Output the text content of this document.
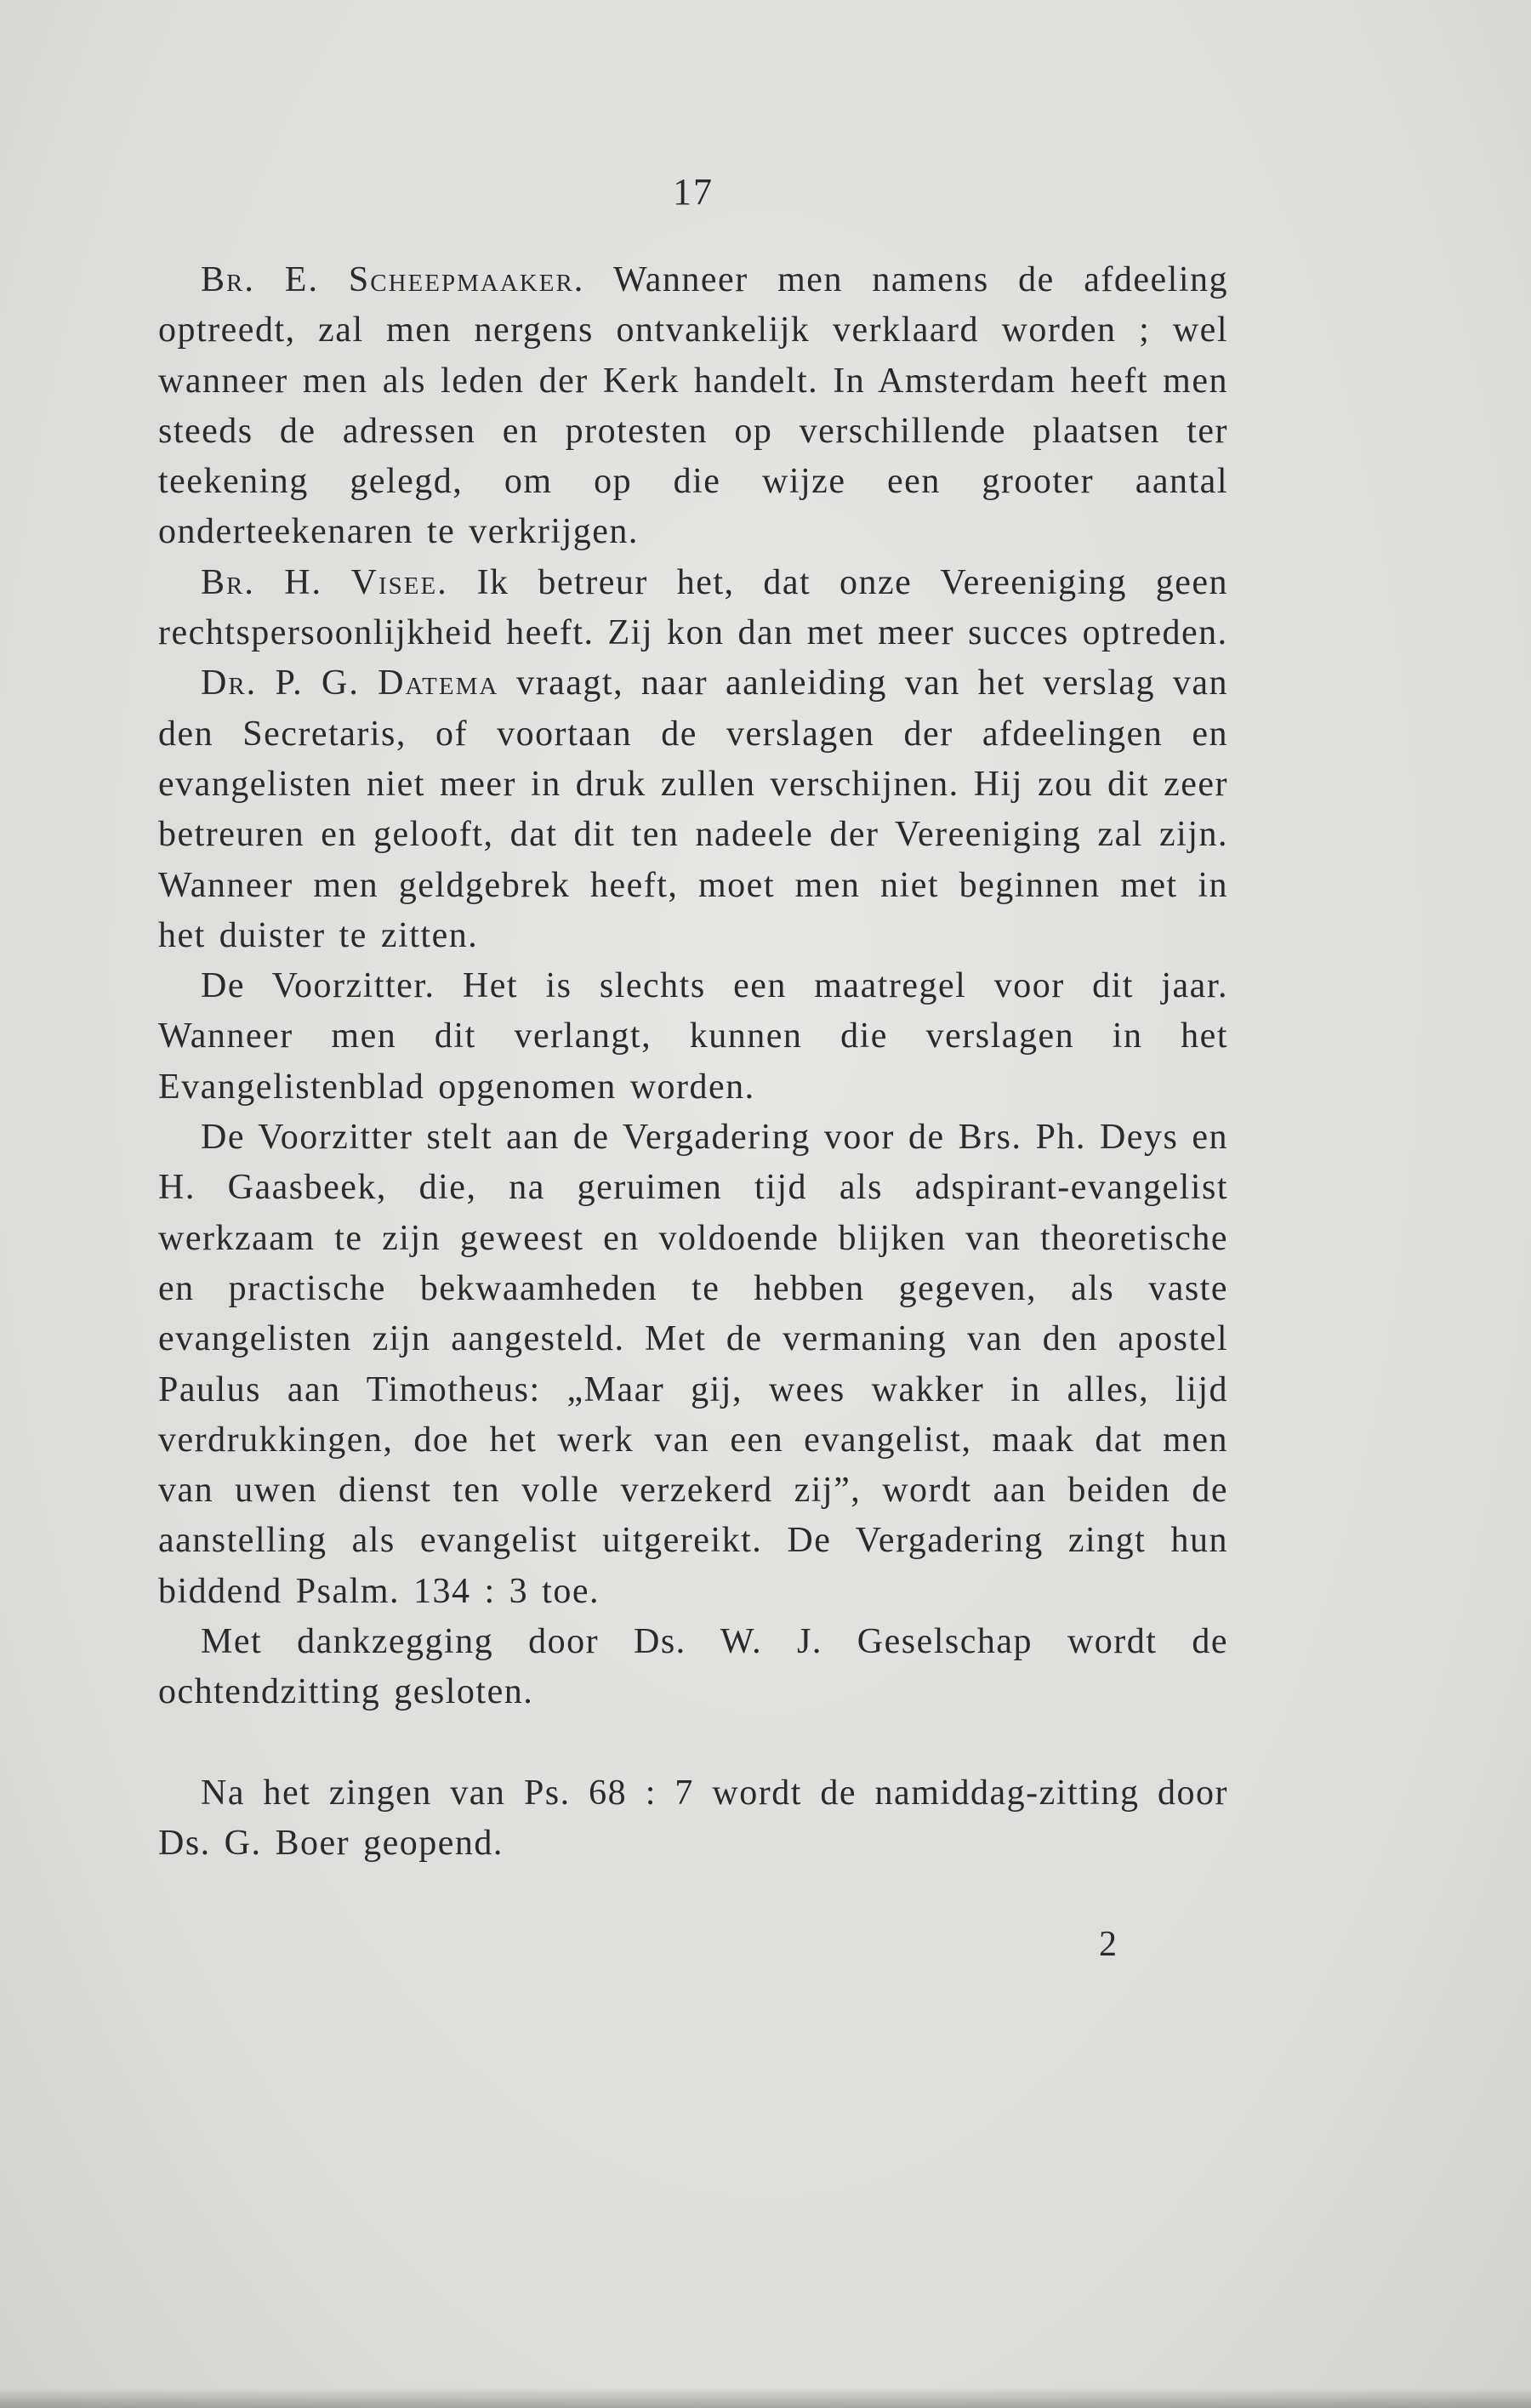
17

Br. E. Scheepmaaker. Wanneer men namens de afdeeling optreedt, zal men nergens ontvankelijk verklaard worden ; wel wanneer men als leden der Kerk handelt. In Amsterdam heeft men steeds de adressen en protesten op verschillende plaatsen ter teekening gelegd, om op die wijze een grooter aantal onderteekenaren te verkrijgen.

Br. H. Visee. Ik betreur het, dat onze Vereeniging geen rechtspersoonlijkheid heeft. Zij kon dan met meer succes optreden.

Dr. P. G. Datema vraagt, naar aanleiding van het verslag van den Secretaris, of voortaan de verslagen der afdeelingen en evangelisten niet meer in druk zullen verschijnen. Hij zou dit zeer betreuren en gelooft, dat dit ten nadeele der Vereeniging zal zijn. Wanneer men geldgebrek heeft, moet men niet beginnen met in het duister te zitten.

De Voorzitter. Het is slechts een maatregel voor dit jaar. Wanneer men dit verlangt, kunnen die verslagen in het Evangelistenblad opgenomen worden.

De Voorzitter stelt aan de Vergadering voor de Brs. Ph. Deys en H. Gaasbeek, die, na geruimen tijd als adspirant-evangelist werkzaam te zijn geweest en voldoende blijken van theoretische en practische bekwaamheden te hebben gegeven, als vaste evangelisten zijn aangesteld. Met de vermaning van den apostel Paulus aan Timotheus: „Maar gij, wees wakker in alles, lijd verdrukkingen, doe het werk van een evangelist, maak dat men van uwen dienst ten volle verzekerd zij”, wordt aan beiden de aanstelling als evangelist uitgereikt. De Vergadering zingt hun biddend Psalm. 134 : 3 toe.

Met dankzegging door Ds. W. J. Geselschap wordt de ochtendzitting gesloten.

Na het zingen van Ps. 68 : 7 wordt de namiddag-zitting door Ds. G. Boer geopend.

2
